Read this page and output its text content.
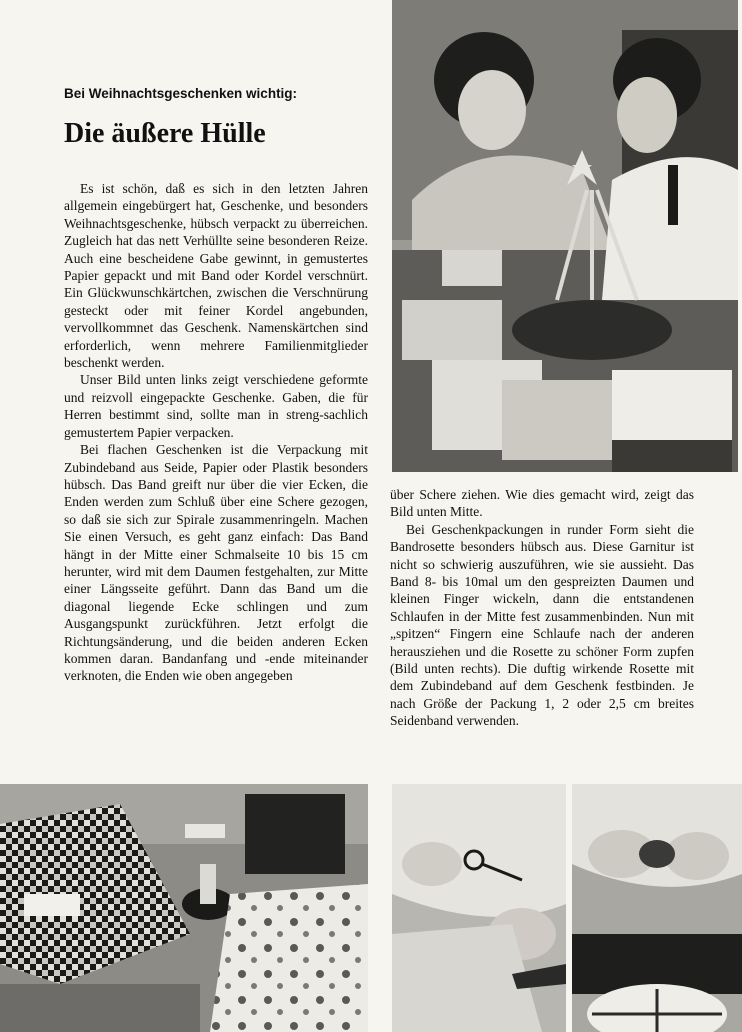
Bei Weihnachtsgeschenken wichtig:
Die äußere Hülle

Es ist schön, daß es sich in den letzten Jahren allgemein eingebürgert hat, Geschenke, und besonders Weihnachtsgeschenke, hübsch verpackt zu überreichen. Zugleich hat das nett Verhüllte seine besonderen Reize. Auch eine bescheidene Gabe gewinnt, in gemustertes Papier gepackt und mit Band oder Kordel verschnürt. Ein Glückwunschkärtchen, zwischen die Verschnürung gesteckt oder mit feiner Kordel angebunden, vervollkommnet das Geschenk. Namenskärtchen sind erforderlich, wenn mehrere Familienmitglieder beschenkt werden.

Unser Bild unten links zeigt verschiedene geformte und reizvoll eingepackte Geschenke. Gaben, die für Herren bestimmt sind, sollte man in streng-sachlich gemustertem Papier verpacken.

Bei flachen Geschenken ist die Verpackung mit Zubindeband aus Seide, Papier oder Plastik besonders hübsch. Das Band greift nur über die vier Ecken, die Enden werden zum Schluß über eine Schere gezogen, so daß sie sich zur Spirale zusammenringeln. Machen Sie einen Versuch, es geht ganz einfach: Das Band hängt in der Mitte einer Schmalseite 10 bis 15 cm herunter, wird mit dem Daumen festgehalten, zur Mitte einer Längsseite geführt. Dann das Band um die diagonal liegende Ecke schlingen und zum Ausgangspunkt zurückführen. Jetzt erfolgt die Richtungsänderung, und die beiden anderen Ecken kommen daran. Bandanfang und -ende miteinander verknoten, die Enden wie oben angegeben

über Schere ziehen. Wie dies gemacht wird, zeigt das Bild unten Mitte.

Bei Geschenkpackungen in runder Form sieht die Bandrosette besonders hübsch aus. Diese Garnitur ist nicht so schwierig auszuführen, wie sie aussieht. Das Band 8- bis 10mal um den gespreizten Daumen und kleinen Finger wickeln, dann die entstandenen Schlaufen in der Mitte fest zusammenbinden. Nun mit „spitzen“ Fingern eine Schlaufe nach der anderen herausziehen und die Rosette zu schöner Form zupfen (Bild unten rechts). Die duftig wirkende Rosette mit dem Zubindeband auf dem Geschenk festbinden. Je nach Größe der Packung 1, 2 oder 2,5 cm breites Seidenband verwenden.
